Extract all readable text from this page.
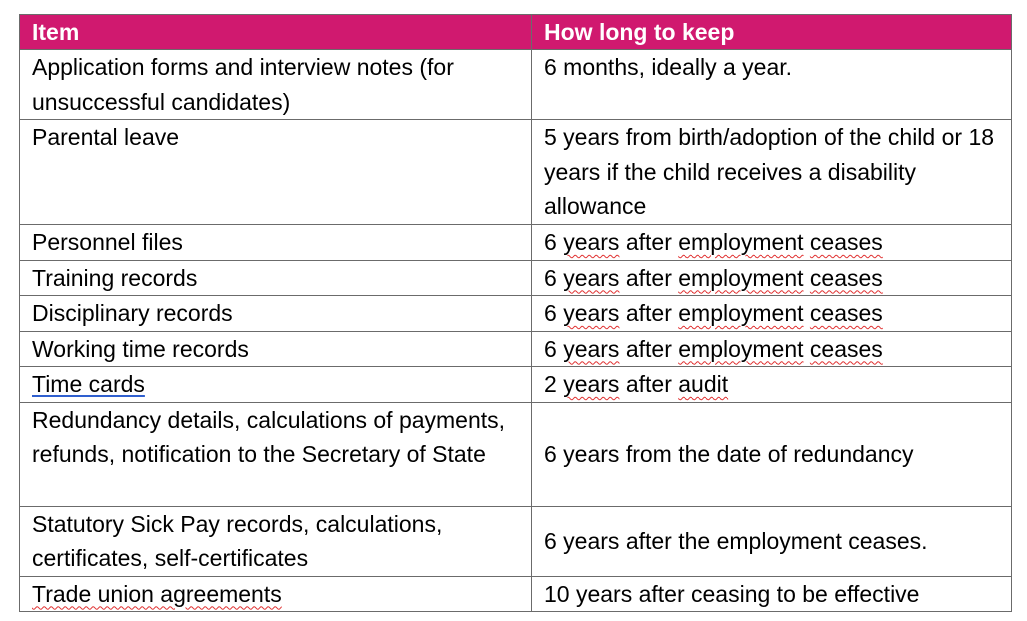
Item	How long to keep
Application forms and interview notes (for unsuccessful candidates)	6 months, ideally a year.
Parental leave	5 years from birth/adoption of the child or 18 years if the child receives a disability allowance
Personnel files	6 years after employment ceases
Training records	6 years after employment ceases
Disciplinary records	6 years after employment ceases
Working time records	6 years after employment ceases
Time cards	2 years after audit
Redundancy details, calculations of payments, refunds, notification to the Secretary of State	6 years from the date of redundancy
Statutory Sick Pay records, calculations, certificates, self-certificates	6 years after the employment ceases.
Trade union agreements	10 years after ceasing to be effective
